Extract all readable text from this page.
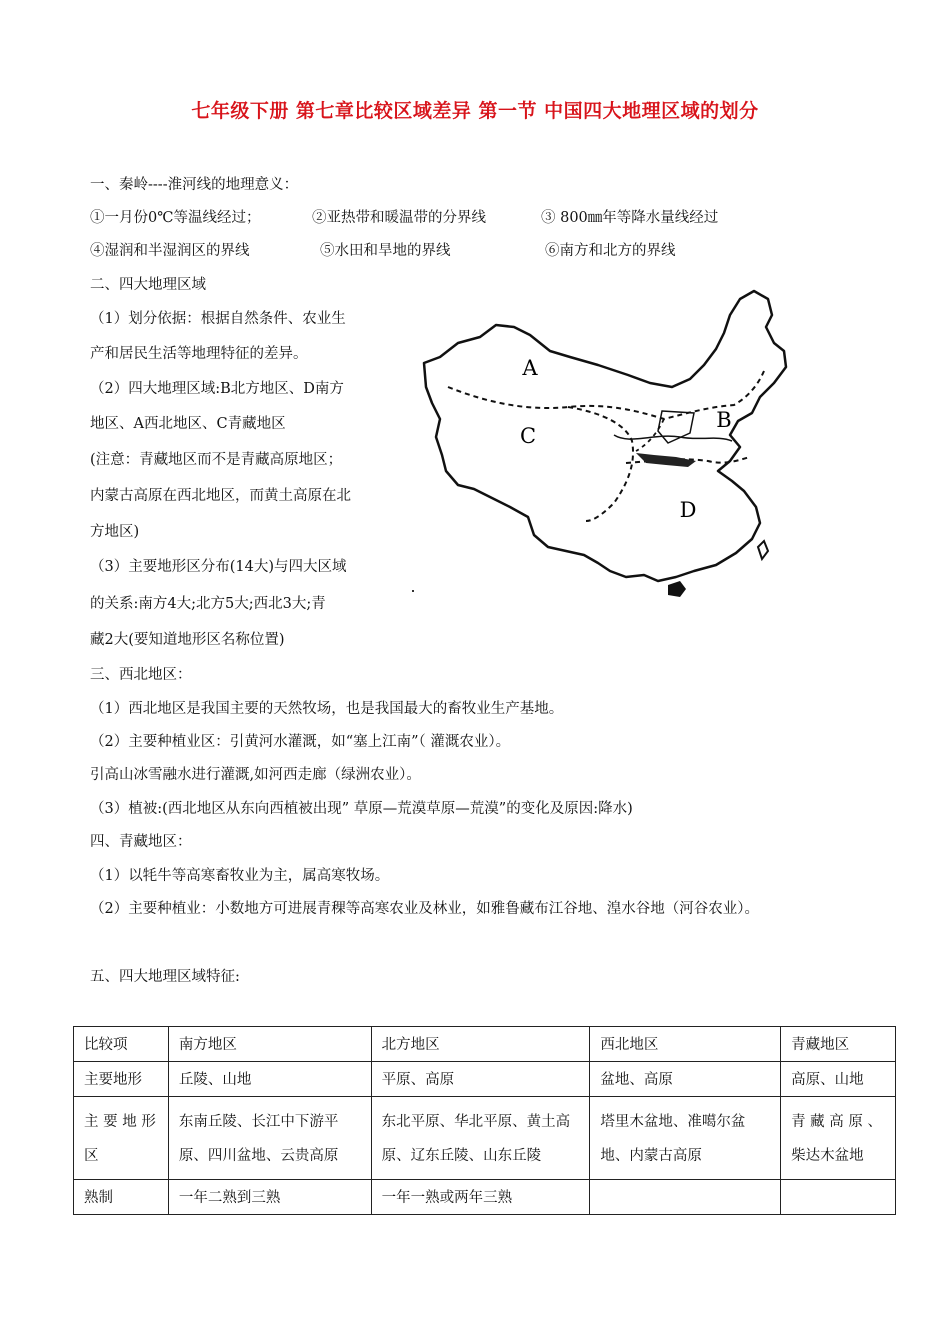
七年级下册 第七章比较区域差异 第一节 中国四大地理区域的划分
一、秦岭----淮河线的地理意义：
①一月份0℃等温线经过；	②亚热带和暖温带的分界线	③ 800㎜年等降水量线经过
④湿润和半湿润区的界线	⑤水田和旱地的界线	⑥南方和北方的界线
二、四大地理区域
（1）划分依据：根据自然条件、农业生
产和居民生活等地理特征的差异。
（2）四大地理区域:B北方地区、D南方
地区、A西北地区、C青藏地区
(注意：青藏地区而不是青藏高原地区；
内蒙古高原在西北地区，而黄土高原在北
方地区)
（3）主要地形区分布(14大)与四大区域
的关系:南方4大;北方5大;西北3大;青
藏2大(要知道地形区名称位置)
A
B
C
D
三、西北地区：
（1）西北地区是我国主要的天然牧场，也是我国最大的畜牧业生产基地。
（2）主要种植业区：引黄河水灌溉，如“塞上江南”（ 灌溉农业）。
引高山冰雪融水进行灌溉,如河西走廊（绿洲农业）。
（3）植被:(西北地区从东向西植被出现” 草原—荒漠草原—荒漠”的变化及原因:降水)
四、青藏地区：
（1）以牦牛等高寒畜牧业为主，属高寒牧场。
（2）主要种植业：小数地方可进展青稞等高寒农业及林业，如雅鲁藏布江谷地、湟水谷地（河谷农业）。
五、四大地理区域特征:
比较项	南方地区	北方地区	西北地区	青藏地区
主要地形	丘陵、山地	平原、高原	盆地、高原	高原、山地
主 要 地 形 区	东南丘陵、长江中下游平原、四川盆地、云贵高原	东北平原、华北平原、黄土高原、辽东丘陵、山东丘陵	塔里木盆地、准噶尔盆地、内蒙古高原	青 藏 高 原 、柴达木盆地
熟制	一年二熟到三熟	一年一熟或两年三熟		
